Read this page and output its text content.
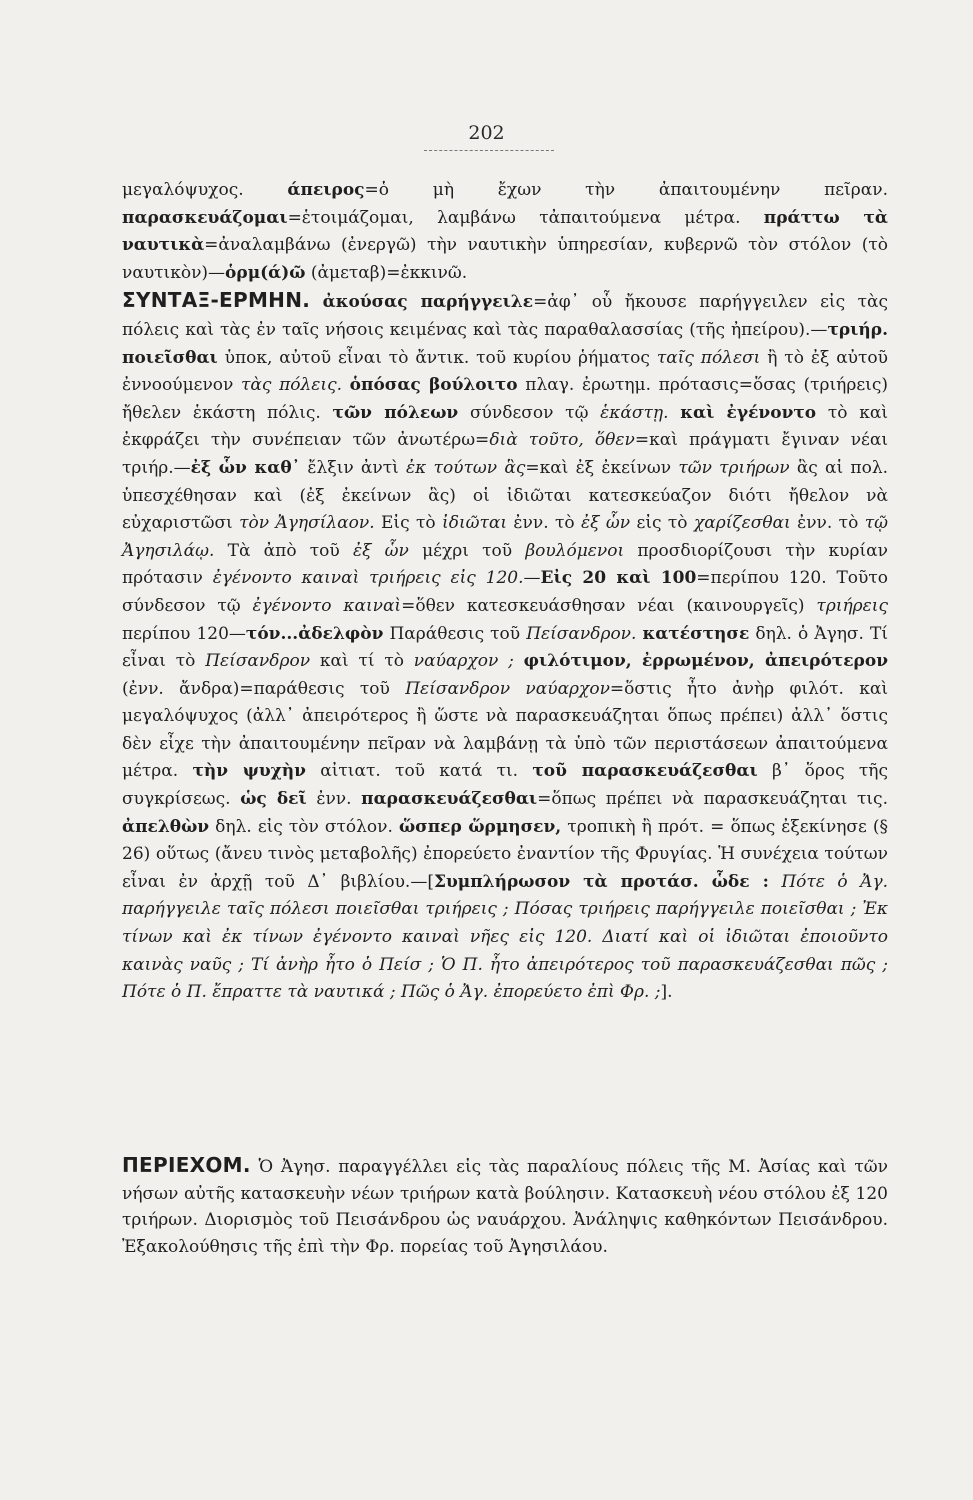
202

μεγαλόψυχος. άπειρος=ὁ μὴ ἔχων τὴν ἀπαιτουμένην πεῖραν. παρασκευάζομαι=ἑτοιμάζομαι, λαμβάνω τἀπαιτούμενα μέτρα. πράττω τὰ ναυτικὰ=ἀναλαμβάνω (ἐνεργῶ) τὴν ναυτικὴν ὑπηρεσίαν, κυβερνῶ τὸν στόλον (τὸ ναυτικὸν)—ὁρμ(ά)ῶ (ἀμεταβ)=ἐκκινῶ.

ΣΥΝΤΑΞ-ΕΡΜΗΝ. ἀκούσας παρήγγειλε=ἀφ᾿ οὗ ἤκουσε παρήγγειλεν εἰς τὰς πόλεις καὶ τὰς ἐν ταῖς νήσοις κειμένας καὶ τὰς παραθαλασσίας (τῆς ἠπείρου).—τριήρ. ποιεῖσθαι ὑποκ, αὐτοῦ εἶναι τὸ ἄντικ. τοῦ κυρίου ῥήματος ταῖς πόλεσι ἢ τὸ ἐξ αὐτοῦ ἐννοούμενον τὰς πόλεις. ὁπόσας βούλοιτο πλαγ. ἐρωτημ. πρότασις=ὅσας (τριήρεις) ἤθελεν ἑκάστη πόλις. τῶν πόλεων σύνδεσον τῷ ἑκάστῃ. καὶ ἐγένοντο τὸ καὶ ἐκφράζει τὴν συνέπειαν τῶν ἀνωτέρω=διὰ τοῦτο, ὅθεν=καὶ πράγματι ἔγιναν νέαι τριήρ.—ἐξ ὧν καθ᾿ ἔλξιν ἀντὶ ἐκ τούτων ἃς=καὶ ἐξ ἐκείνων τῶν τριήρων ἃς αἱ πολ. ὑπεσχέθησαν καὶ (ἐξ ἐκείνων ἃς) οἱ ἰδιῶται κατεσκεύαζον διότι ἤθελον νὰ εὐχαριστῶσι τὸν Ἀγησίλαον. Εἰς τὸ ἰδιῶται ἐνν. τὸ ἐξ ὧν εἰς τὸ χαρίζεσθαι ἐνν. τὸ τῷ Ἀγησιλάῳ. Τὰ ἀπὸ τοῦ ἐξ ὧν μέχρι τοῦ βουλόμενοι προσδιορίζουσι τὴν κυρίαν πρότασιν ἐγένοντο καιναὶ τριήρεις εἰς 120.—Εἰς 20 καὶ 100=περίπου 120. Τοῦτο σύνδεσον τῷ ἐγένοντο καιναὶ=ὅθεν κατεσκευάσθησαν νέαι (καινουργεῖς) τριήρεις περίπου 120—τόν...ἀδελφὸν Παράθεσις τοῦ Πείσανδρον. κατέστησε δηλ. ὁ Ἀγησ. Τί εἶναι τὸ Πείσανδρον καὶ τί τὸ ναύαρχον ; φιλότιμον, ἐρρωμένον, ἀπειρότερον (ἐνν. ἄνδρα)=παράθεσις τοῦ Πείσανδρον ναύαρχον=ὅστις ἦτο ἀνὴρ φιλότ. καὶ μεγαλόψυχος (ἀλλ᾿ ἀπειρότερος ἢ ὥστε νὰ παρασκευάζηται ὅπως πρέπει) ἀλλ᾿ ὅστις δὲν εἶχε τὴν ἀπαιτουμένην πεῖραν νὰ λαμβάνῃ τὰ ὑπὸ τῶν περιστάσεων ἀπαιτούμενα μέτρα. τὴν ψυχὴν αἰτιατ. τοῦ κατά τι. τοῦ παρασκευάζεσθαι β᾿ ὅρος τῆς συγκρίσεως. ὡς δεῖ ἐνν. παρασκευάζεσθαι=ὅπως πρέπει νὰ παρασκευάζηται τις. ἀπελθὼν δηλ. εἰς τὸν στόλον. ὥσπερ ὥρμησεν, τροπικὴ ἢ πρότ. = ὅπως ἐξεκίνησε (§ 26) οὕτως (ἄνευ τινὸς μεταβολῆς) ἐπορεύετο ἐναντίον τῆς Φρυγίας. Ἡ συνέχεια τούτων εἶναι ἐν ἀρχῇ τοῦ Δ᾿ βιβλίου.—[Συμπλήρωσον τὰ προτάσ. ὧδε : Πότε ὁ Ἀγ. παρήγγειλε ταῖς πόλεσι ποιεῖσθαι τριήρεις ; Πόσας τριήρεις παρήγγειλε ποιεῖσθαι ; Ἐκ τίνων καὶ ἐκ τίνων ἐγένοντο καιναὶ νῆες εἰς 120. Διατί καὶ οἱ ἰδιῶται ἐποιοῦντο καινὰς ναῦς ; Τί ἀνὴρ ἦτο ὁ Πείσ ; Ὁ Π. ἦτο ἀπειρότερος τοῦ παρασκευάζεσθαι πῶς ; Πότε ὁ Π. ἔπραττε τὰ ναυτικά ; Πῶς ὁ Ἀγ. ἐπορεύετο ἐπὶ Φρ. ;].

ΠΕΡΙΕΧΟΜ. Ὁ Ἀγησ. παραγγέλλει εἰς τὰς παραλίους πόλεις τῆς Μ. Ἀσίας καὶ τῶν νήσων αὐτῆς κατασκευὴν νέων τριήρων κατὰ βούλησιν. Κατασκευὴ νέου στόλου ἐξ 120 τριήρων. Διορισμὸς τοῦ Πεισάνδρου ὡς ναυάρχου. Ἀνάληψις καθηκόντων Πεισάνδρου. Ἐξακολούθησις τῆς ἐπὶ τὴν Φρ. πορείας τοῦ Ἀγησιλάου.
